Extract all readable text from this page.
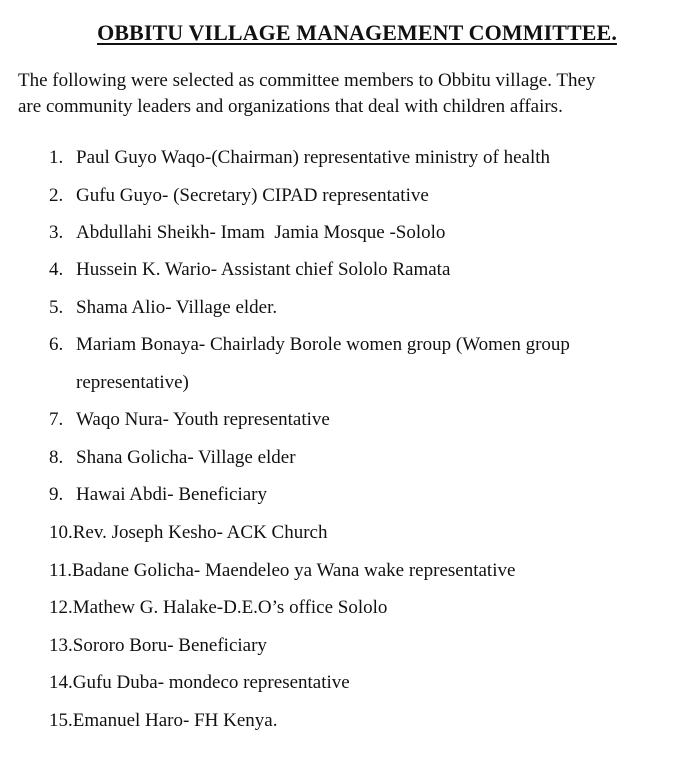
OBBITU VILLAGE MANAGEMENT COMMITTEE.
The following were selected as committee members to Obbitu village. They
are community leaders and organizations that deal with children affairs.
1. Paul Guyo Waqo-(Chairman) representative ministry of health
2. Gufu Guyo- (Secretary) CIPAD representative
3. Abdullahi Sheikh- Imam  Jamia Mosque -Sololo
4. Hussein K. Wario- Assistant chief Sololo Ramata
5. Shama Alio- Village elder.
6. Mariam Bonaya- Chairlady Borole women group (Women group
representative)
7. Waqo Nura- Youth representative
8. Shana Golicha- Village elder
9. Hawai Abdi- Beneficiary
10.Rev. Joseph Kesho- ACK Church
11.Badane Golicha- Maendeleo ya Wana wake representative
12.Mathew G. Halake-D.E.O’s office Sololo
13.Sororo Boru- Beneficiary
14.Gufu Duba- mondeco representative
15.Emanuel Haro- FH Kenya.
